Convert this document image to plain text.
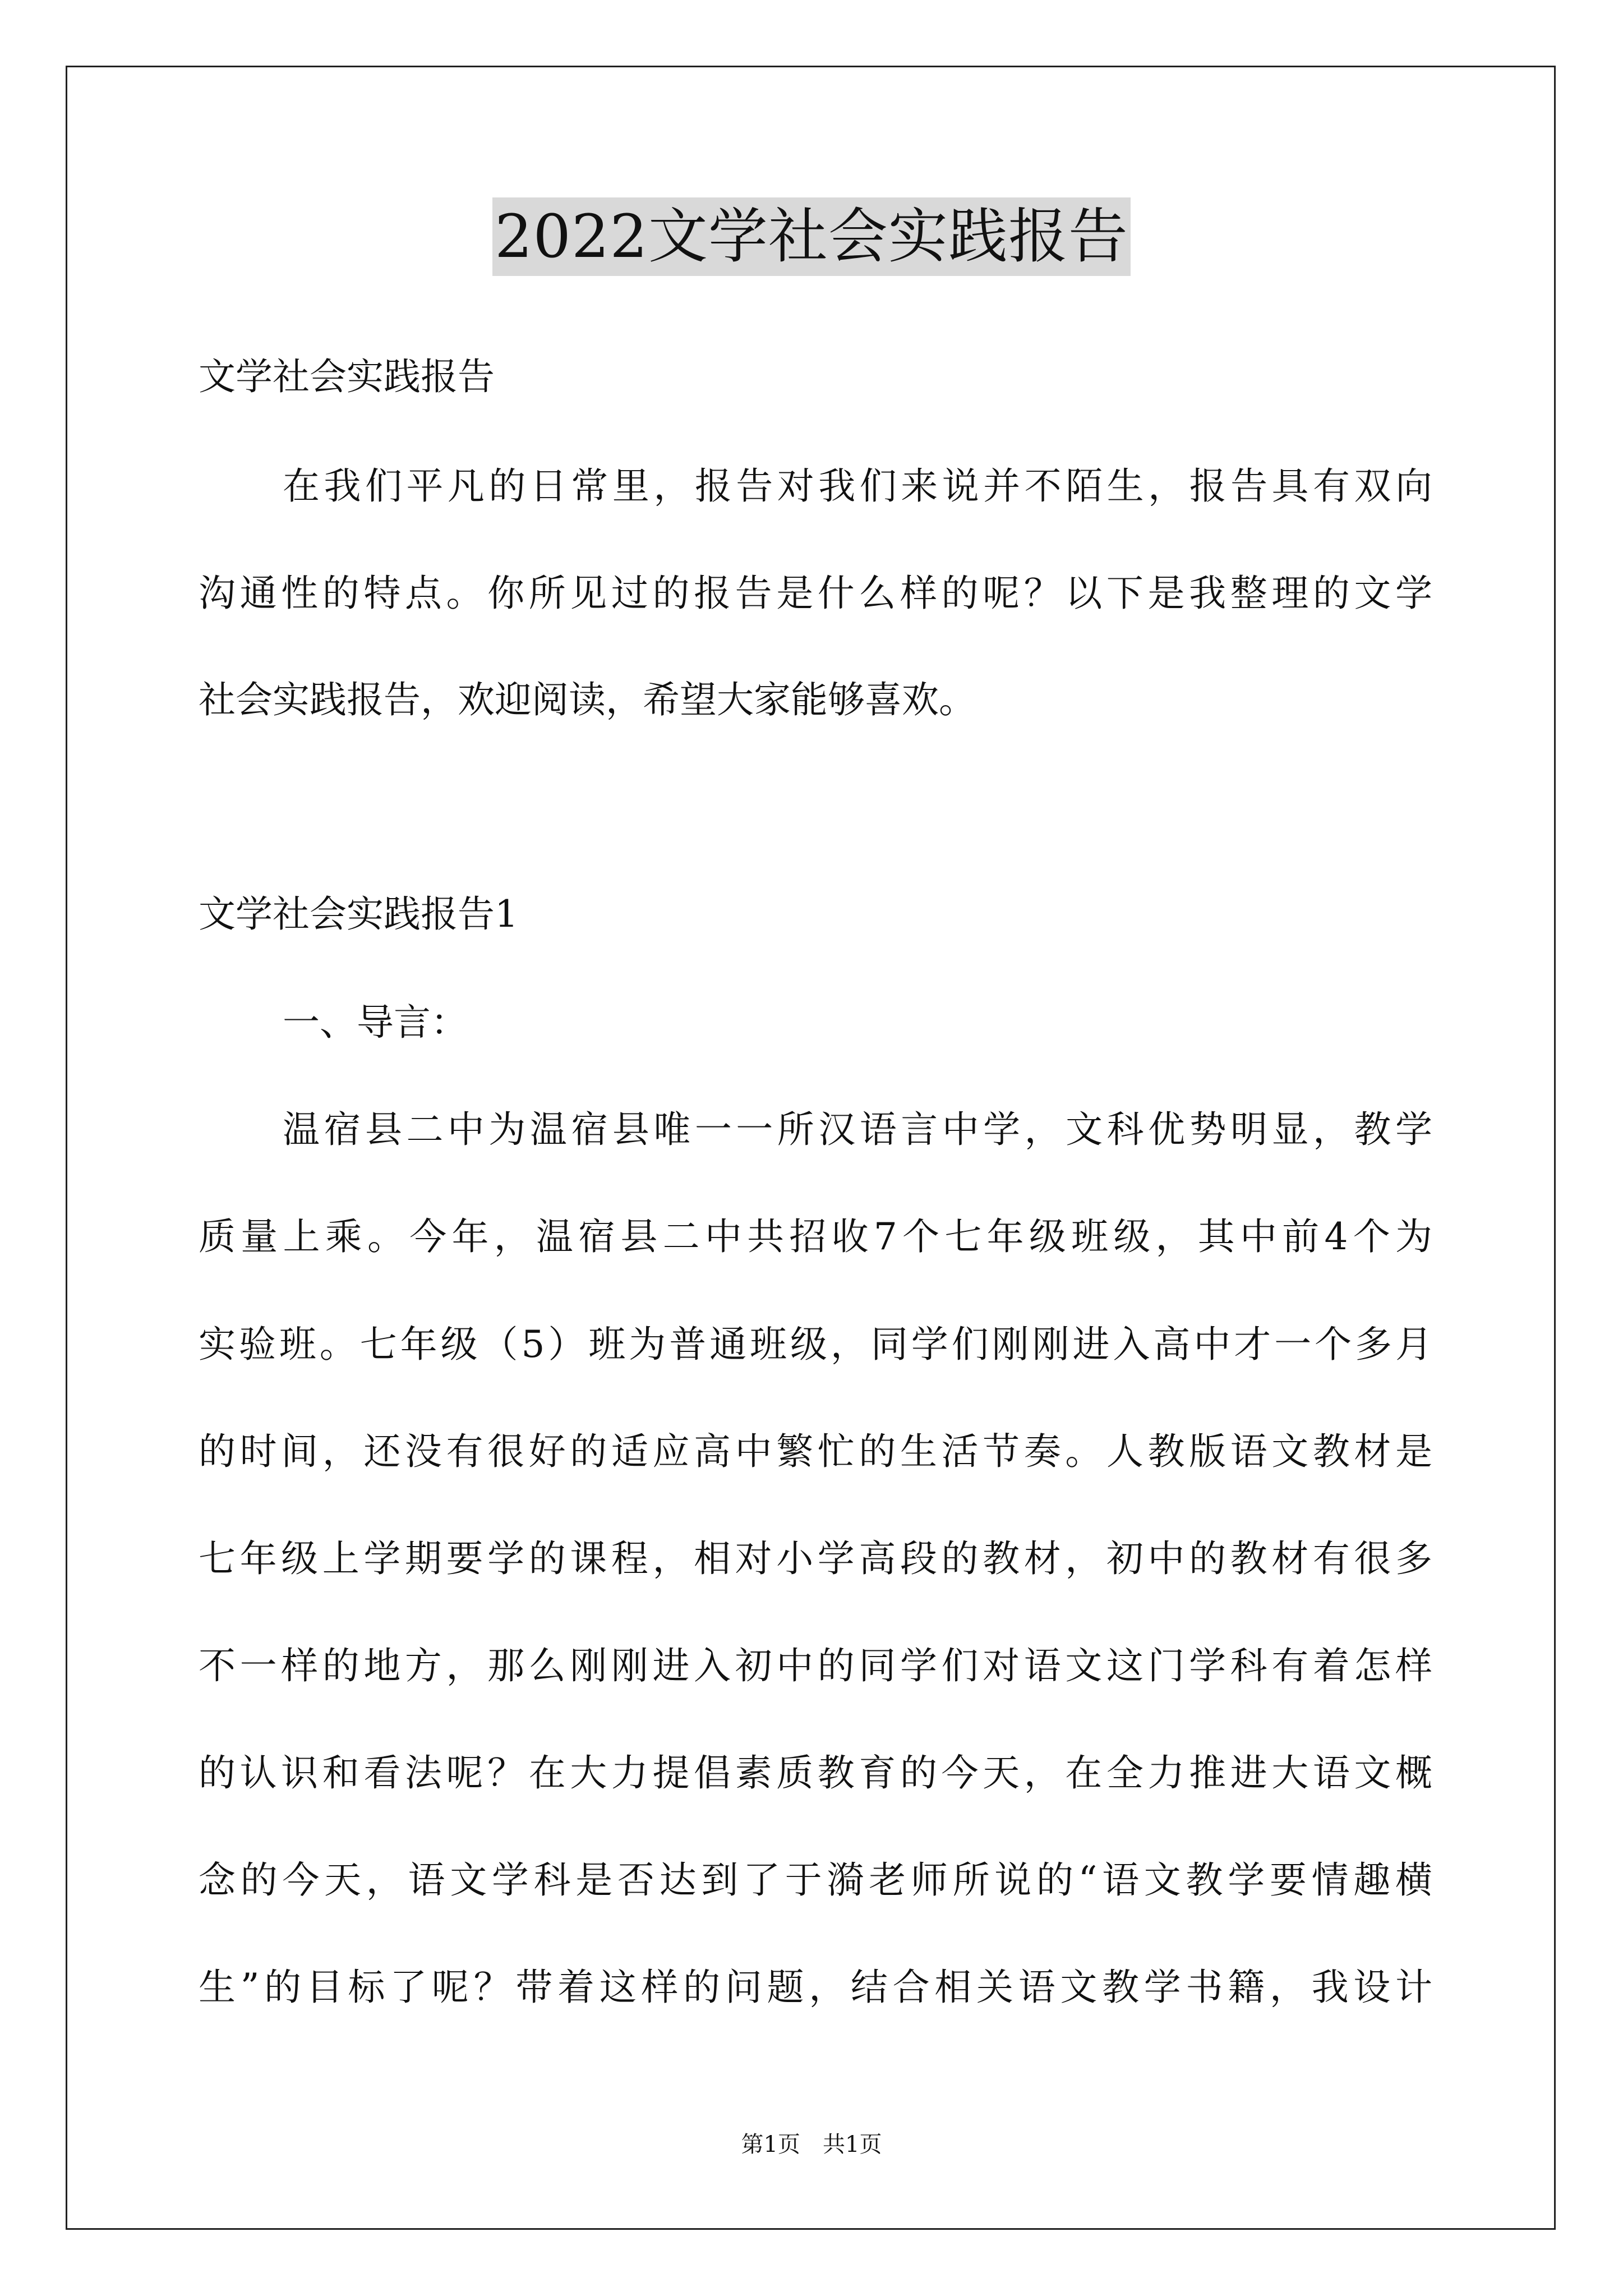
2022文学社会实践报告
文学社会实践报告
在我们平凡的日常里，报告对我们来说并不陌生，报告具有双向
沟通性的特点。你所见过的报告是什么样的呢？以下是我整理的文学
社会实践报告，欢迎阅读，希望大家能够喜欢。
文学社会实践报告1
一、导言：
温宿县二中为温宿县唯一一所汉语言中学，文科优势明显，教学
质量上乘。今年，温宿县二中共招收7个七年级班级，其中前4个为
实验班。七年级（5）班为普通班级，同学们刚刚进入高中才一个多月
的时间，还没有很好的适应高中繁忙的生活节奏。人教版语文教材是
七年级上学期要学的课程，相对小学高段的教材，初中的教材有很多
不一样的地方，那么刚刚进入初中的同学们对语文这门学科有着怎样
的认识和看法呢？在大力提倡素质教育的今天，在全力推进大语文概
念的今天，语文学科是否达到了于漪老师所说的“语文教学要情趣横
生”的目标了呢？带着这样的问题，结合相关语文教学书籍，我设计
第1页　共1页
